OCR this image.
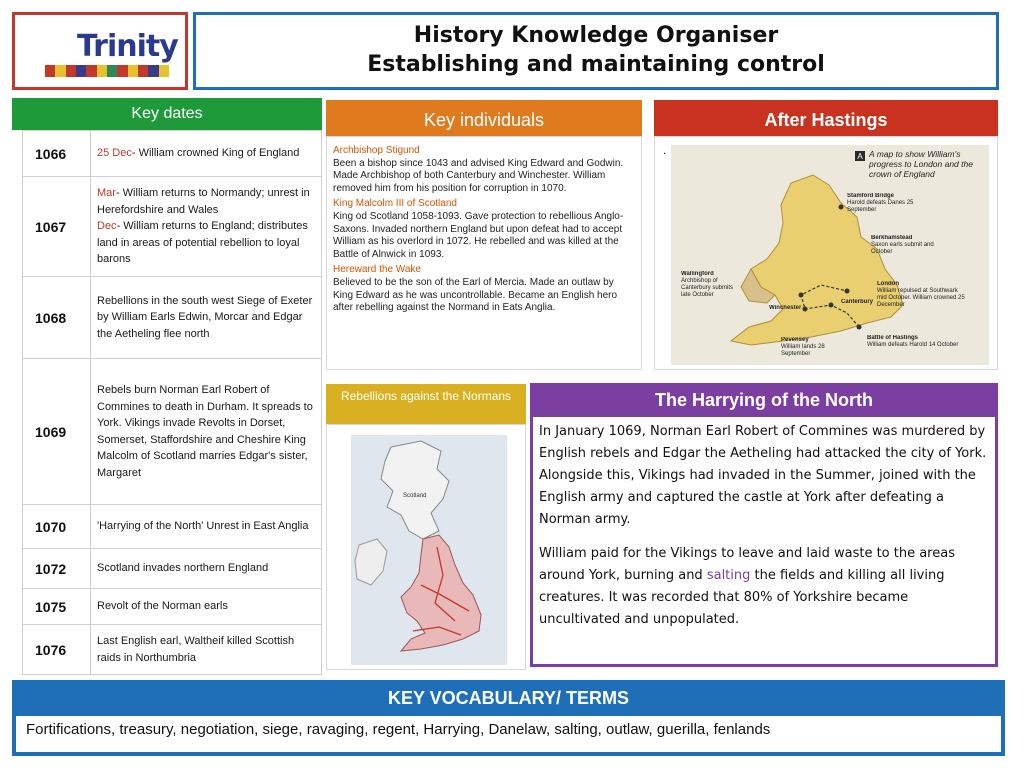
Trinity	History Knowledge Organiser
Establishing and maintaining control
Key dates
1066	25 Dec- William crowned King of England
1067	Mar- William returns to Normandy; unrest in Herefordshire and Wales
Dec- William returns to England; distributes land in areas of potential rebellion to loyal barons
1068	Rebellions in the south west Siege of Exeter by William Earls Edwin, Morcar and Edgar the Aetheling flee north
1069	Rebels burn Norman Earl Robert of Commines to death in Durham. It spreads to York. Vikings invade Revolts in Dorset, Somerset, Staffordshire and Cheshire King Malcolm of Scotland marries Edgar's sister, Margaret
1070	'Harrying of the North' Unrest in East Anglia
1072	Scotland invades northern England
1075	Revolt of the Norman earls
1076	Last English earl, Waltheif killed Scottish raids in Northumbria
Key individuals
Archbishop Stigund
Been a bishop since 1043 and advised King Edward and Godwin. Made Archbishop of both Canterbury and Winchester. William removed him from his position for corruption in 1070.
King Malcolm III of Scotland
King od Scotland 1058-1093. Gave protection to rebellious Anglo-Saxons. Invaded northern England but upon defeat had to accept William as his overlord in 1072. He rebelled and was killed at the Battle of Alnwick in 1093.
Hereward the Wake
Believed to be the son of the Earl of Mercia. Made an outlaw by King Edward as he was uncontrollable. Became an English hero after rebelling against the Normand in Eats Anglia.
After Hastings
.	A A map to show William's progress to London and the crown of England
Stamford Bridge
Harold defeats Danes 25 September
Berkhamstead
Saxon earls submit and October
Wallingford
Archbishop of Canterbury submits late October
London
William repulsed at Southwark mid October. William crowned 25 December
Winchester
Canterbury
Pevensey
William lands 28 September
Battle of Hastings
William defeats Harold 14 October
Rebellions against the Normans
Scotland
The Harrying of the North

In January 1069, Norman Earl Robert of Commines was murdered by English rebels and Edgar the Aetheling had attacked the city of York. Alongside this, Vikings had invaded in the Summer, joined with the English army and captured the castle at York after defeating a Norman army.

William paid for the Vikings to leave and laid waste to the areas around York, burning and salting the fields and killing all living creatures. It was recorded that 80% of Yorkshire became uncultivated and unpopulated.

KEY VOCABULARY/ TERMS
Fortifications, treasury, negotiation, siege, ravaging, regent, Harrying, Danelaw, salting, outlaw, guerilla, fenlands
